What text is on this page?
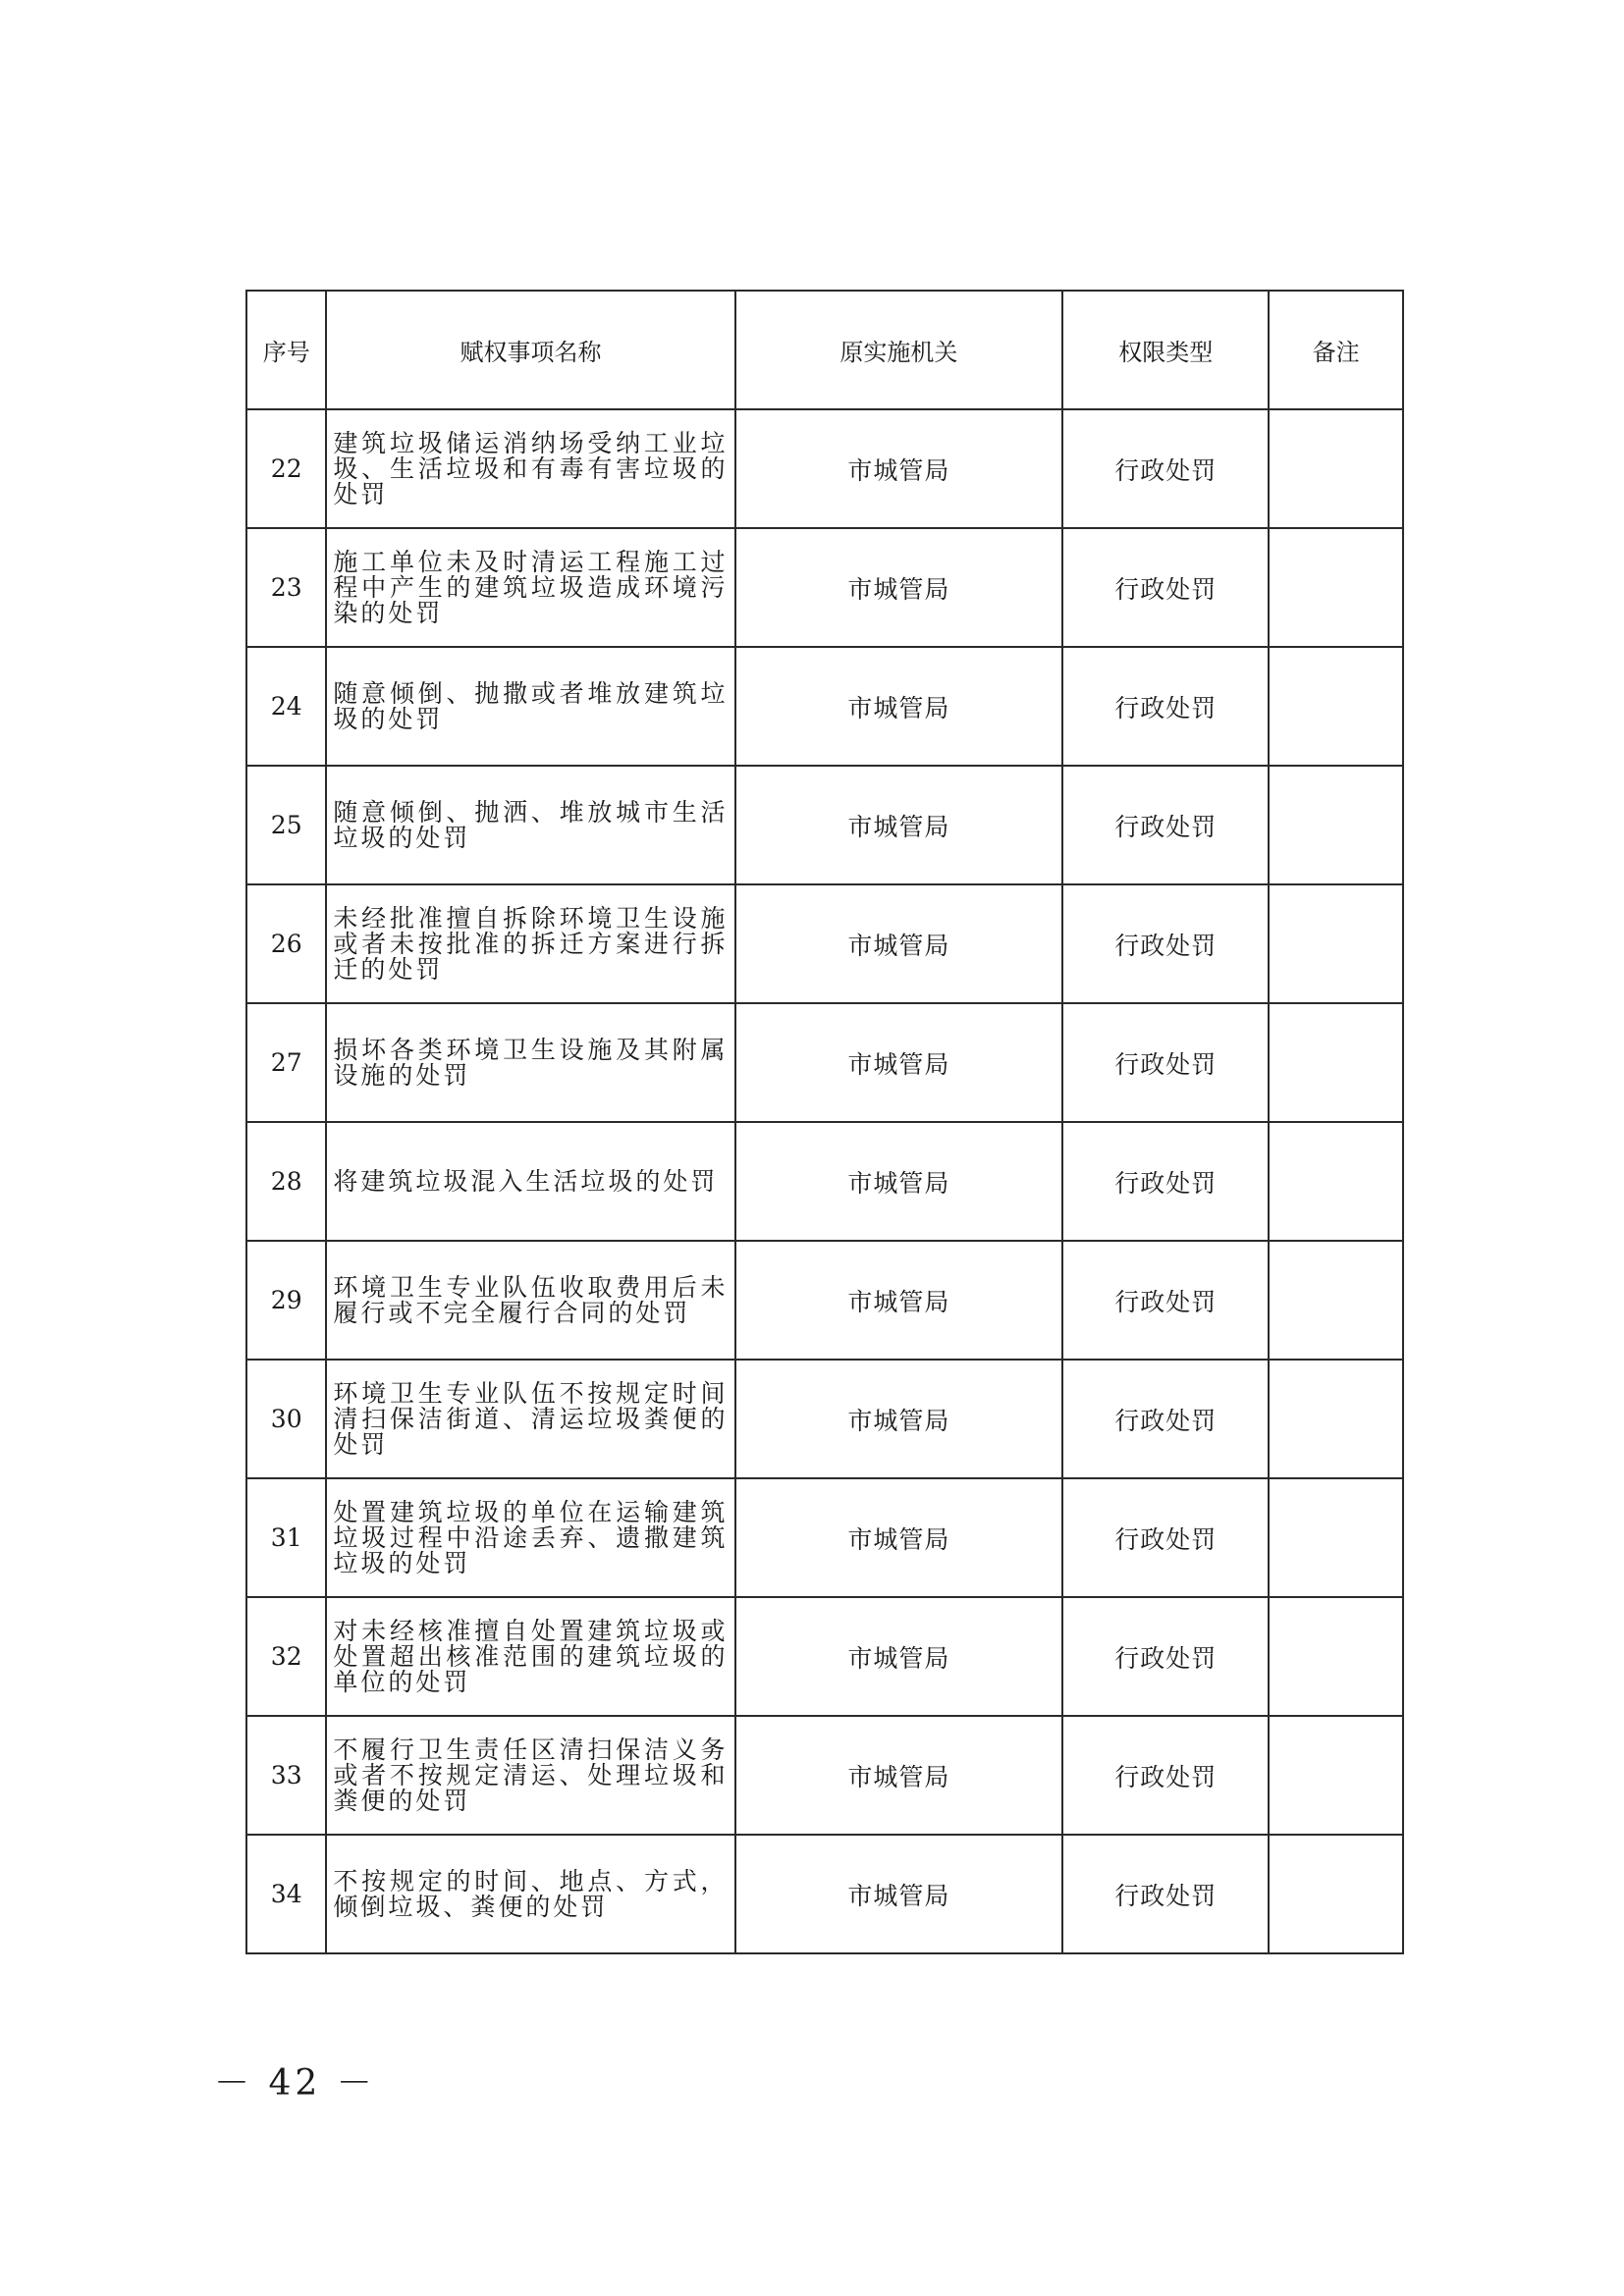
序号	赋权事项名称	原实施机关	权限类型	备注
22	建筑垃圾储运消纳场受纳工业垃圾、生活垃圾和有毒有害垃圾的处罚	市城管局	行政处罚	
23	施工单位未及时清运工程施工过程中产生的建筑垃圾造成环境污染的处罚	市城管局	行政处罚	
24	随意倾倒、抛撒或者堆放建筑垃圾的处罚	市城管局	行政处罚	
25	随意倾倒、抛洒、堆放城市生活垃圾的处罚	市城管局	行政处罚	
26	未经批准擅自拆除环境卫生设施或者未按批准的拆迁方案进行拆迁的处罚	市城管局	行政处罚	
27	损坏各类环境卫生设施及其附属设施的处罚	市城管局	行政处罚	
28	将建筑垃圾混入生活垃圾的处罚	市城管局	行政处罚	
29	环境卫生专业队伍收取费用后未履行或不完全履行合同的处罚	市城管局	行政处罚	
30	环境卫生专业队伍不按规定时间清扫保洁街道、清运垃圾粪便的处罚	市城管局	行政处罚	
31	处置建筑垃圾的单位在运输建筑垃圾过程中沿途丢弃、遗撒建筑垃圾的处罚	市城管局	行政处罚	
32	对未经核准擅自处置建筑垃圾或处置超出核准范围的建筑垃圾的单位的处罚	市城管局	行政处罚	
33	不履行卫生责任区清扫保洁义务或者不按规定清运、处理垃圾和粪便的处罚	市城管局	行政处罚	
34	不按规定的时间、地点、方式，倾倒垃圾、粪便的处罚	市城管局	行政处罚	
－ 42 －
